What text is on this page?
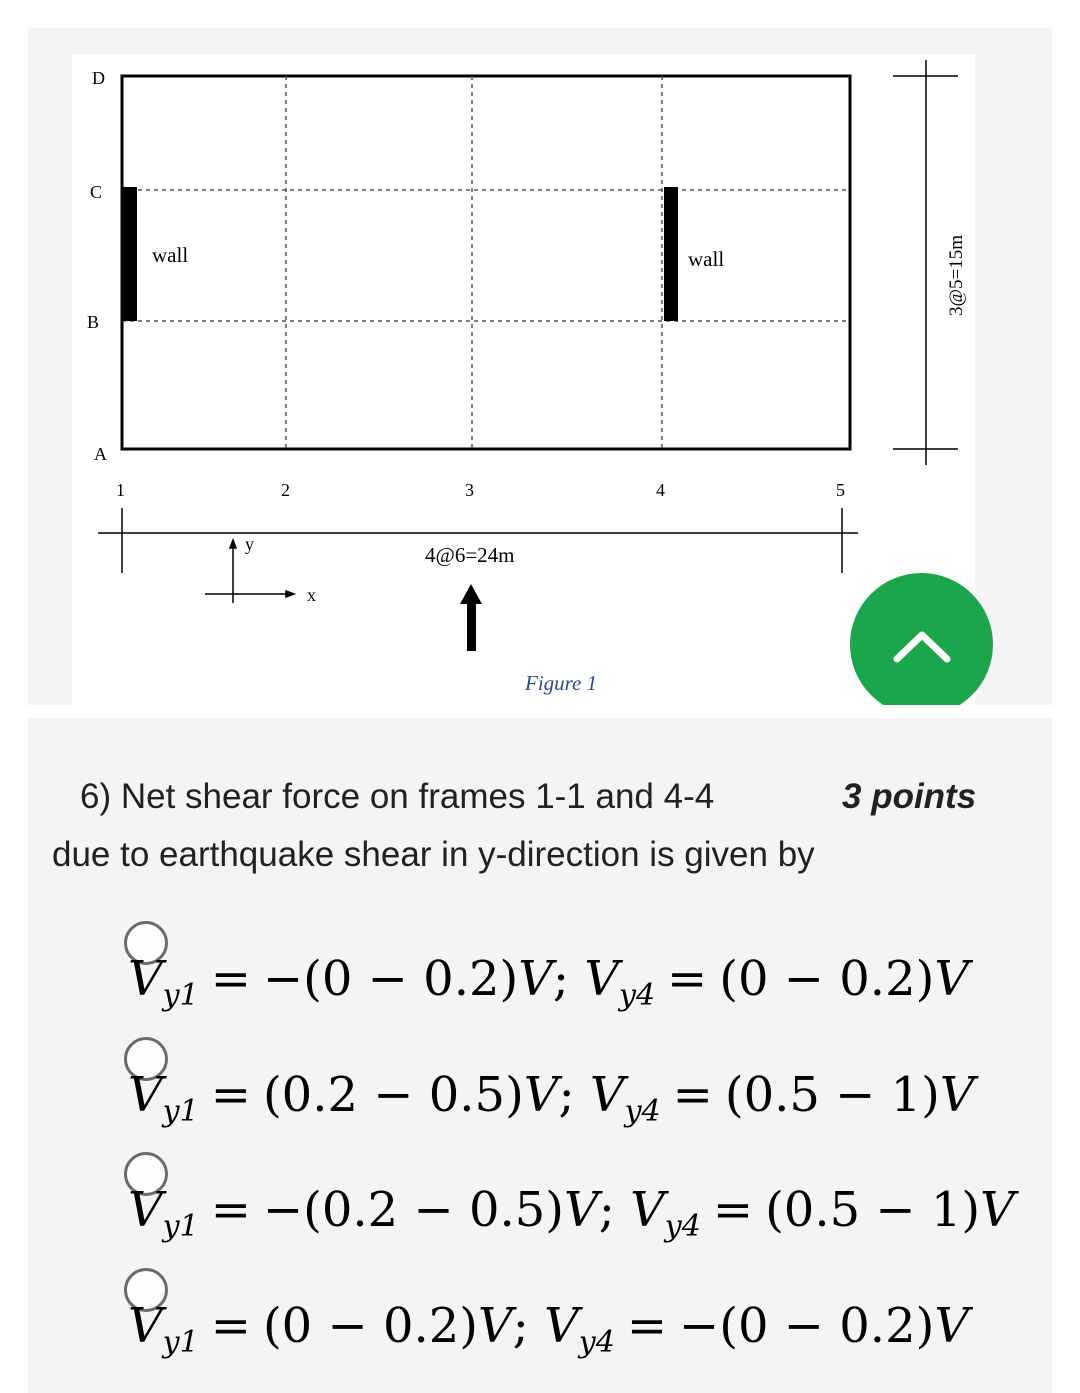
D
C
B
A
1	2	3	4	5
wall	wall
4@6=24m
3@5=15m
y
x
Figure 1
6) Net shear force on frames 1-1 and 4-4	3 points
due to earthquake shear in y-direction is given by
$V_{y1} = -(0 - 0.2)V$; $V_{y4} = (0 - 0.2)V$
$V_{y1} = (0.2 - 0.5)V$; $V_{y4} = (0.5 - 1)V$
$V_{y1} = -(0.2 - 0.5)V$; $V_{y4} = (0.5 - 1)V$
$V_{y1} = (0 - 0.2)V$; $V_{y4} = -(0 - 0.2)V$
